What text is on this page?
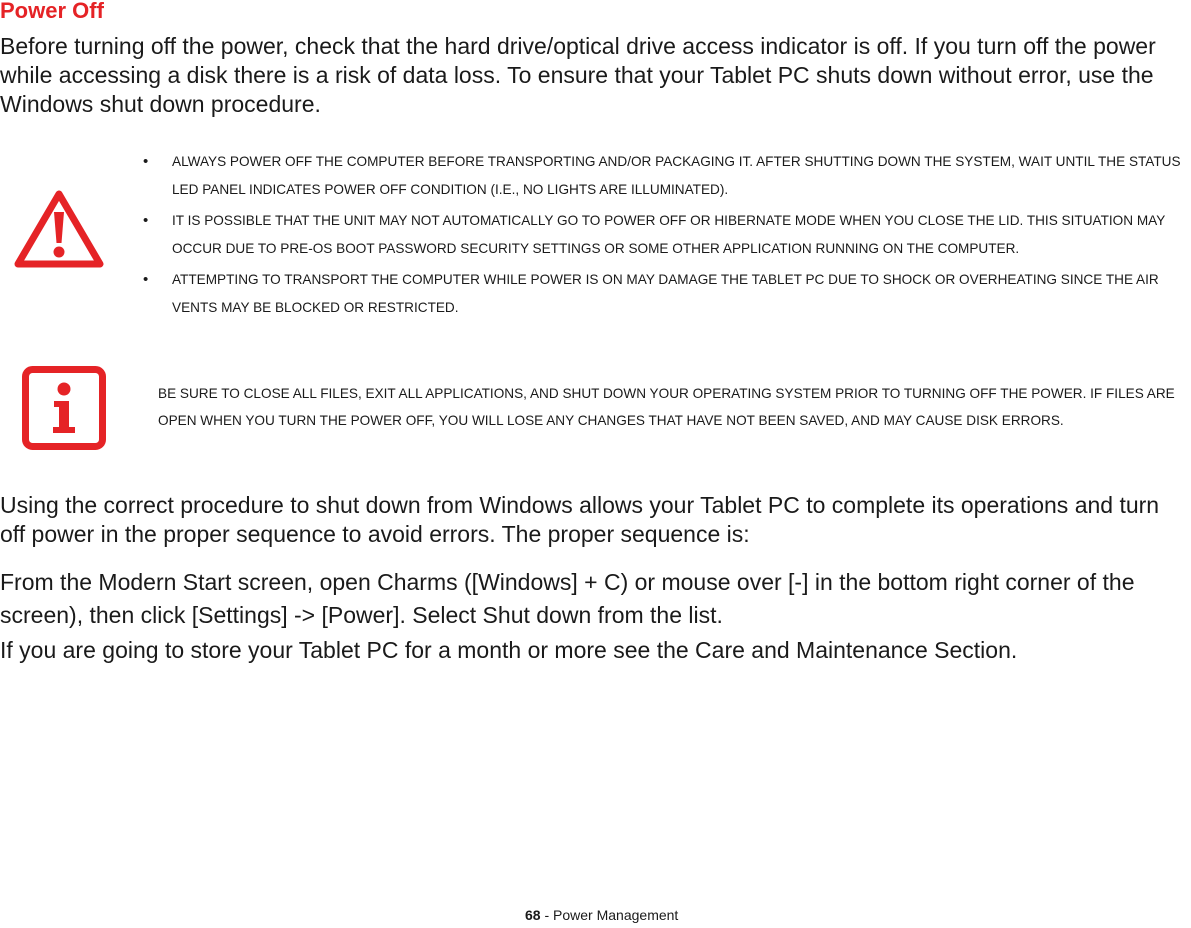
Power Off
Before turning off the power, check that the hard drive/optical drive access indicator is off. If you turn off the power while accessing a disk there is a risk of data loss. To ensure that your Tablet PC shuts down without error, use the Windows shut down procedure.
• ALWAYS POWER OFF THE COMPUTER BEFORE TRANSPORTING AND/OR PACKAGING IT. AFTER SHUTTING DOWN THE SYSTEM, WAIT UNTIL THE STATUS LED PANEL INDICATES POWER OFF CONDITION (I.E., NO LIGHTS ARE ILLUMINATED).
• IT IS POSSIBLE THAT THE UNIT MAY NOT AUTOMATICALLY GO TO POWER OFF OR HIBERNATE MODE WHEN YOU CLOSE THE LID. THIS SITUATION MAY OCCUR DUE TO PRE-OS BOOT PASSWORD SECURITY SETTINGS OR SOME OTHER APPLICATION RUNNING ON THE COMPUTER.
• ATTEMPTING TO TRANSPORT THE COMPUTER WHILE POWER IS ON MAY DAMAGE THE TABLET PC DUE TO SHOCK OR OVERHEATING SINCE THE AIR VENTS MAY BE BLOCKED OR RESTRICTED.
BE SURE TO CLOSE ALL FILES, EXIT ALL APPLICATIONS, AND SHUT DOWN YOUR OPERATING SYSTEM PRIOR TO TURNING OFF THE POWER. IF FILES ARE OPEN WHEN YOU TURN THE POWER OFF, YOU WILL LOSE ANY CHANGES THAT HAVE NOT BEEN SAVED, AND MAY CAUSE DISK ERRORS.
Using the correct procedure to shut down from Windows allows your Tablet PC to complete its operations and turn off power in the proper sequence to avoid errors. The proper sequence is:
From the Modern Start screen, open Charms ([Windows] + C) or mouse over [-] in the bottom right corner of the screen), then click [Settings] -> [Power]. Select Shut down from the list.
If you are going to store your Tablet PC for a month or more see the Care and Maintenance Section.
68 - Power Management
